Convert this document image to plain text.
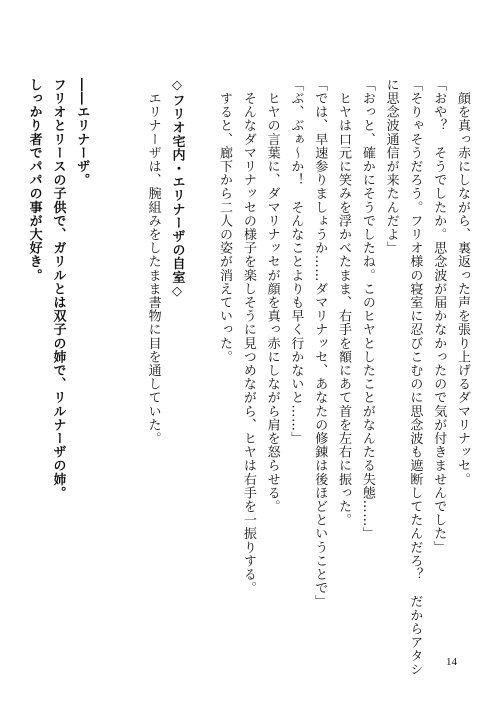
　顔を真っ赤にしながら、裏返った声を張り上げるダマリナッセ。
「おや？　そうでしたか。思念波が届かなかったので気が付きませんでした」
「そりゃそうだろう。フリオ様の寝室に忍びこむのに思念波も遮断してたんだろ？　だからアタシ
に思念波通信が来たんだよ」
「おっと、確かにそうでしたね。このヒヤとしたことがなんたる失態……」
　ヒヤは口元に笑みを浮かべたまま、右手を額にあて首を左右に振った。
「では、早速参りましょうか……ダマリナッセ、あなたの修錬は後ほどということで」
「ぶ、ぶぁ～か！　そんなことよりも早く行かないと……」
　ヒヤの言葉に、ダマリナッセが顔を真っ赤にしながら肩を怒らせる。
　そんなダマリナッセの様子を楽しそうに見つめながら、ヒヤは右手を一振りする。
　すると、廊下から二人の姿が消えていった。

◇フリオ宅内・エリナーザの自室◇
　エリナーザは、腕組みをしたまま書物に目を通していた。

――エリナーザ。
フリオとリースの子供で、ガリルとは双子の姉で、リルナーザの姉。
しっかり者でパパの事が大好き。
14
